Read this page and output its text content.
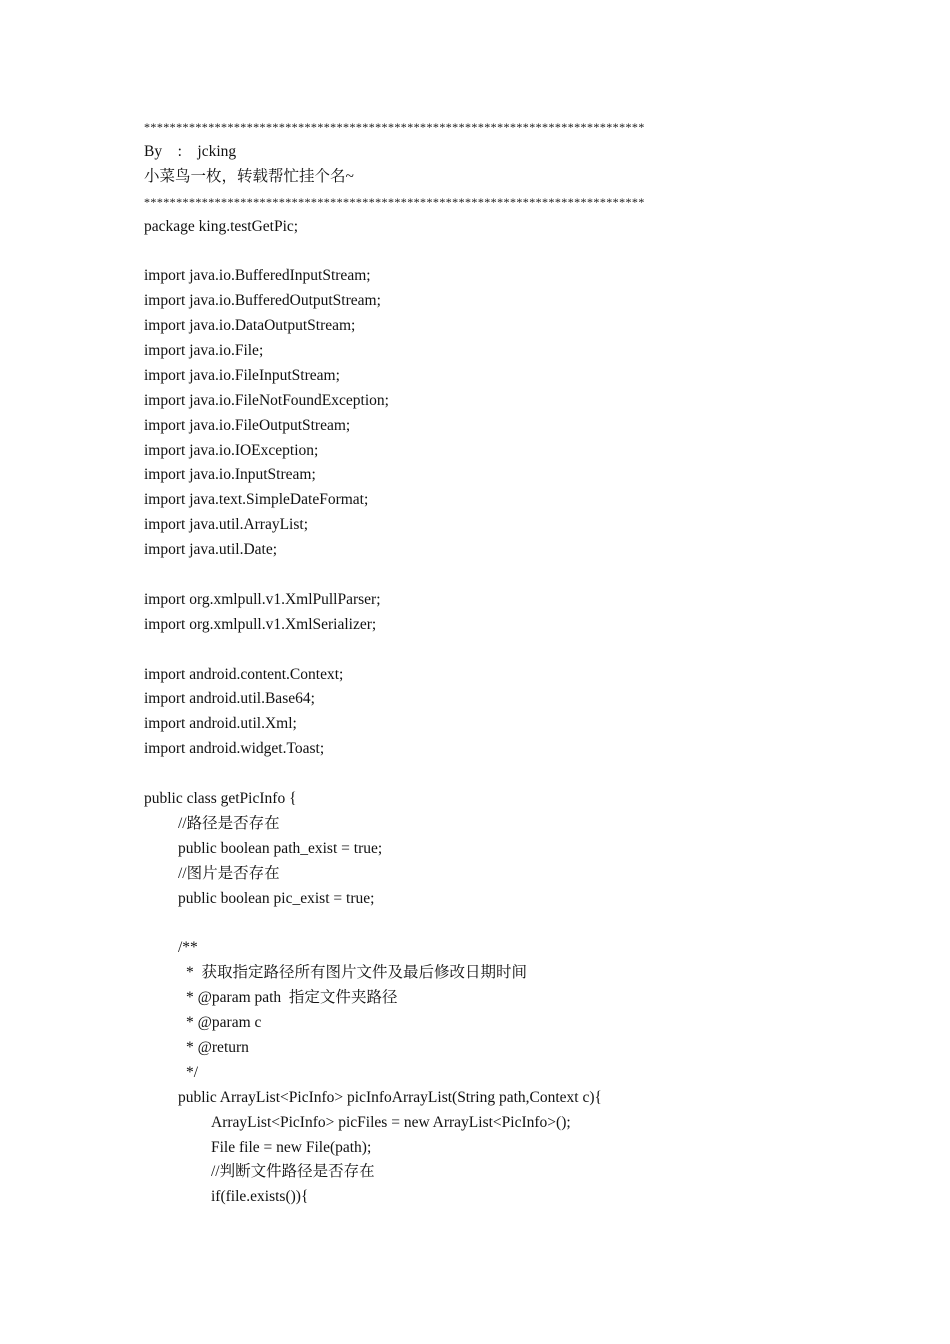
******************************************************************************
By    :    jcking
小菜鸟一枚，转载帮忙挂个名~
******************************************************************************
package king.testGetPic;
import java.io.BufferedInputStream;
import java.io.BufferedOutputStream;
import java.io.DataOutputStream;
import java.io.File;
import java.io.FileInputStream;
import java.io.FileNotFoundException;
import java.io.FileOutputStream;
import java.io.IOException;
import java.io.InputStream;
import java.text.SimpleDateFormat;
import java.util.ArrayList;
import java.util.Date;
import org.xmlpull.v1.XmlPullParser;
import org.xmlpull.v1.XmlSerializer;
import android.content.Context;
import android.util.Base64;
import android.util.Xml;
import android.widget.Toast;
public class getPicInfo {
//路径是否存在
public boolean path_exist = true;
//图片是否存在
public boolean pic_exist = true;
/**
*  获取指定路径所有图片文件及最后修改日期时间
* @param path  指定文件夹路径
* @param c
* @return
*/
public ArrayList<PicInfo> picInfoArrayList(String path,Context c){
ArrayList<PicInfo> picFiles = new ArrayList<PicInfo>();
File file = new File(path);
//判断文件路径是否存在
if(file.exists()){
